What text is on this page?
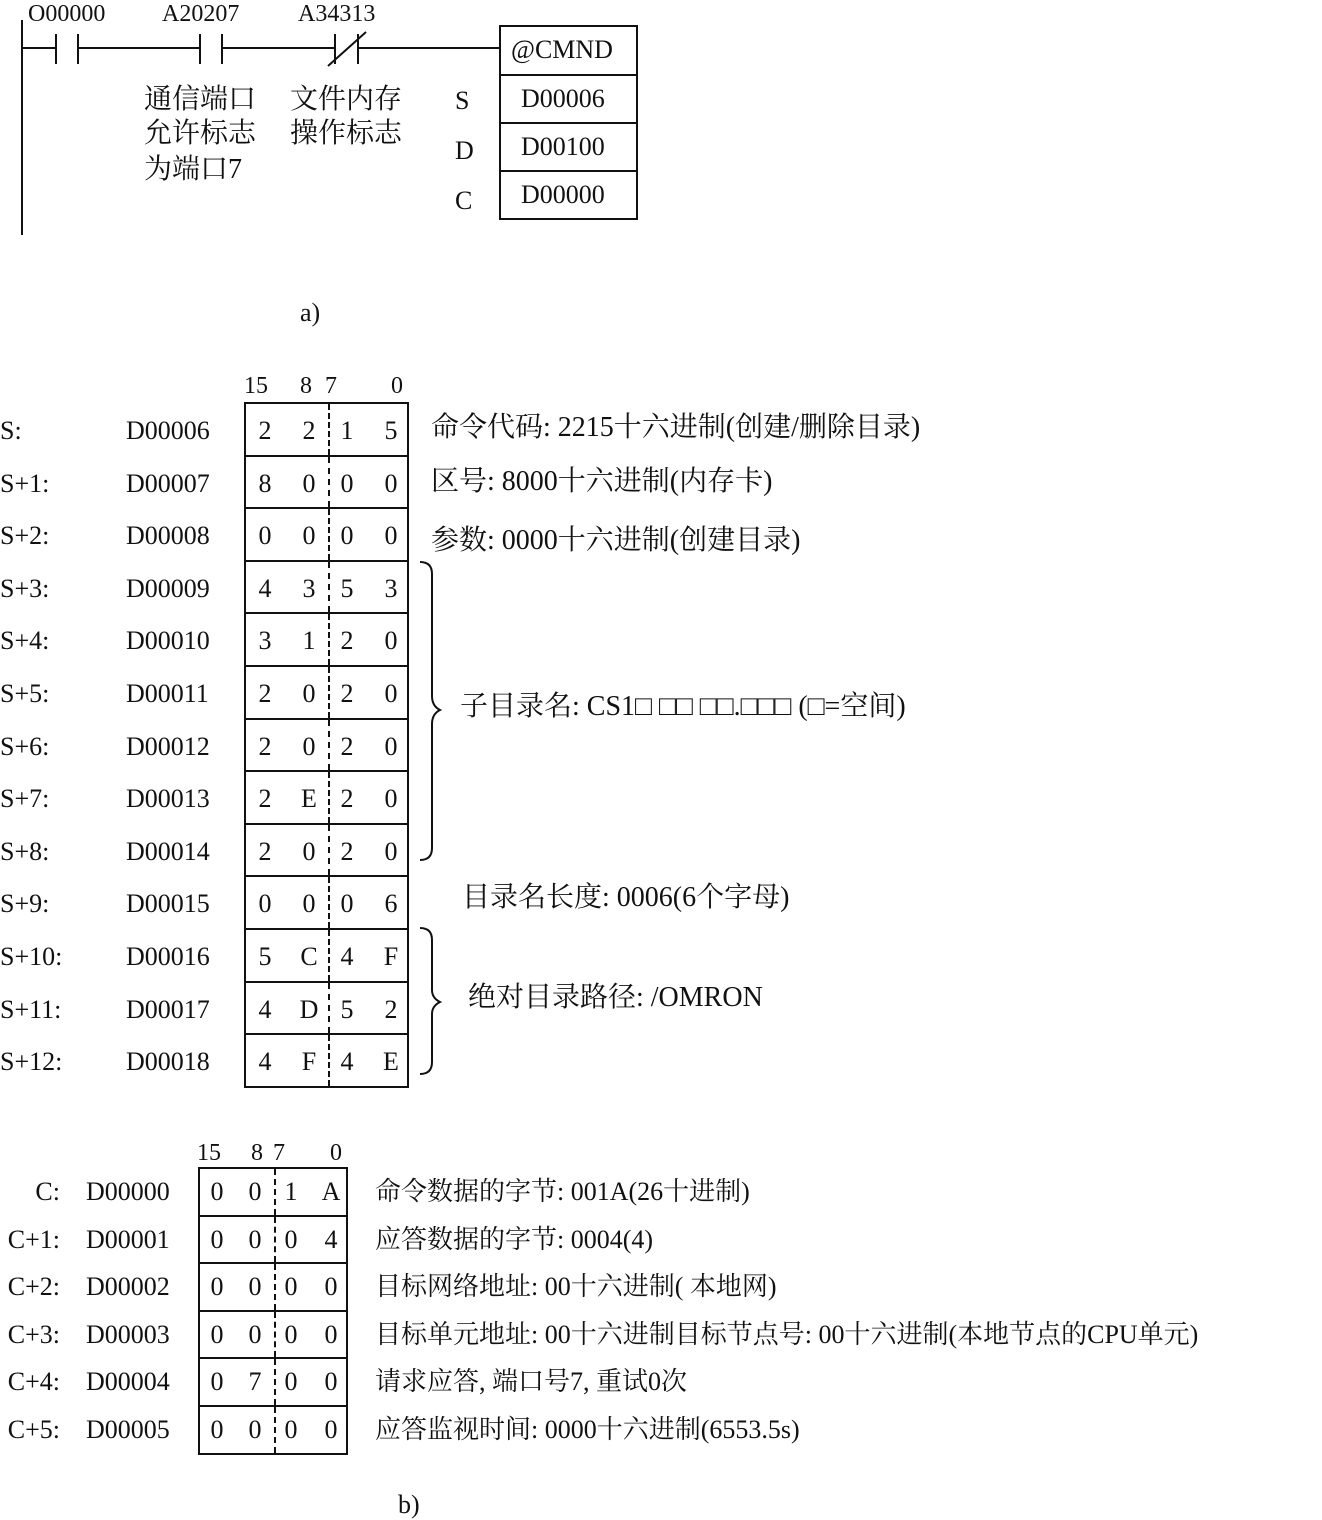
O00000 A20207 A34313
通信端口
允许标志
为端口7
文件内存
操作标志
@CMND
D00006
D00100
D00000
S
D
C
a)
15 8 7 0
S:	D00006 2 2 1 5
S+1:	D00007 8 0 0 0
S+2:	D00008 0 0 0 0
S+3:	D00009 4 3 5 3
S+4:	D00010 3 1 2 0
S+5:	D00011 2 0 2 0
S+6:	D00012 2 0 2 0
S+7:	D00013 2 E 2 0
S+8:	D00014 2 0 2 0
S+9:	D00015 0 0 0 6
S+10: D00016 5 C 4 F
S+11: D00017 4 D 5 2
S+12: D00018 4 F 4 E
命令代码: 2215十六进制(创建/删除目录)
区号: 8000十六进制(内存卡)
参数: 0000十六进制(创建目录)
子目录名: CS1□ □□ □□.□□□ (□=空间)
目录名长度: 0006(6个字母)
绝对目录路径: /OMRON
15 8 7 0
C: D00000 0 0 1 A 命令数据的字节: 001A(26十进制)
C+1: D00001 0 0 0 4 应答数据的字节: 0004(4)
C+2: D00002 0 0 0 0 目标网络地址: 00十六进制( 本地网)
C+3: D00003 0 0 0 0 目标单元地址: 00十六进制目标节点号: 00十六进制(本地节点的CPU单元)
C+4: D00004 0 7 0 0 请求应答, 端口号7, 重试0次
C+5: D00005 0 0 0 0 应答监视时间: 0000十六进制(6553.5s)
b)
